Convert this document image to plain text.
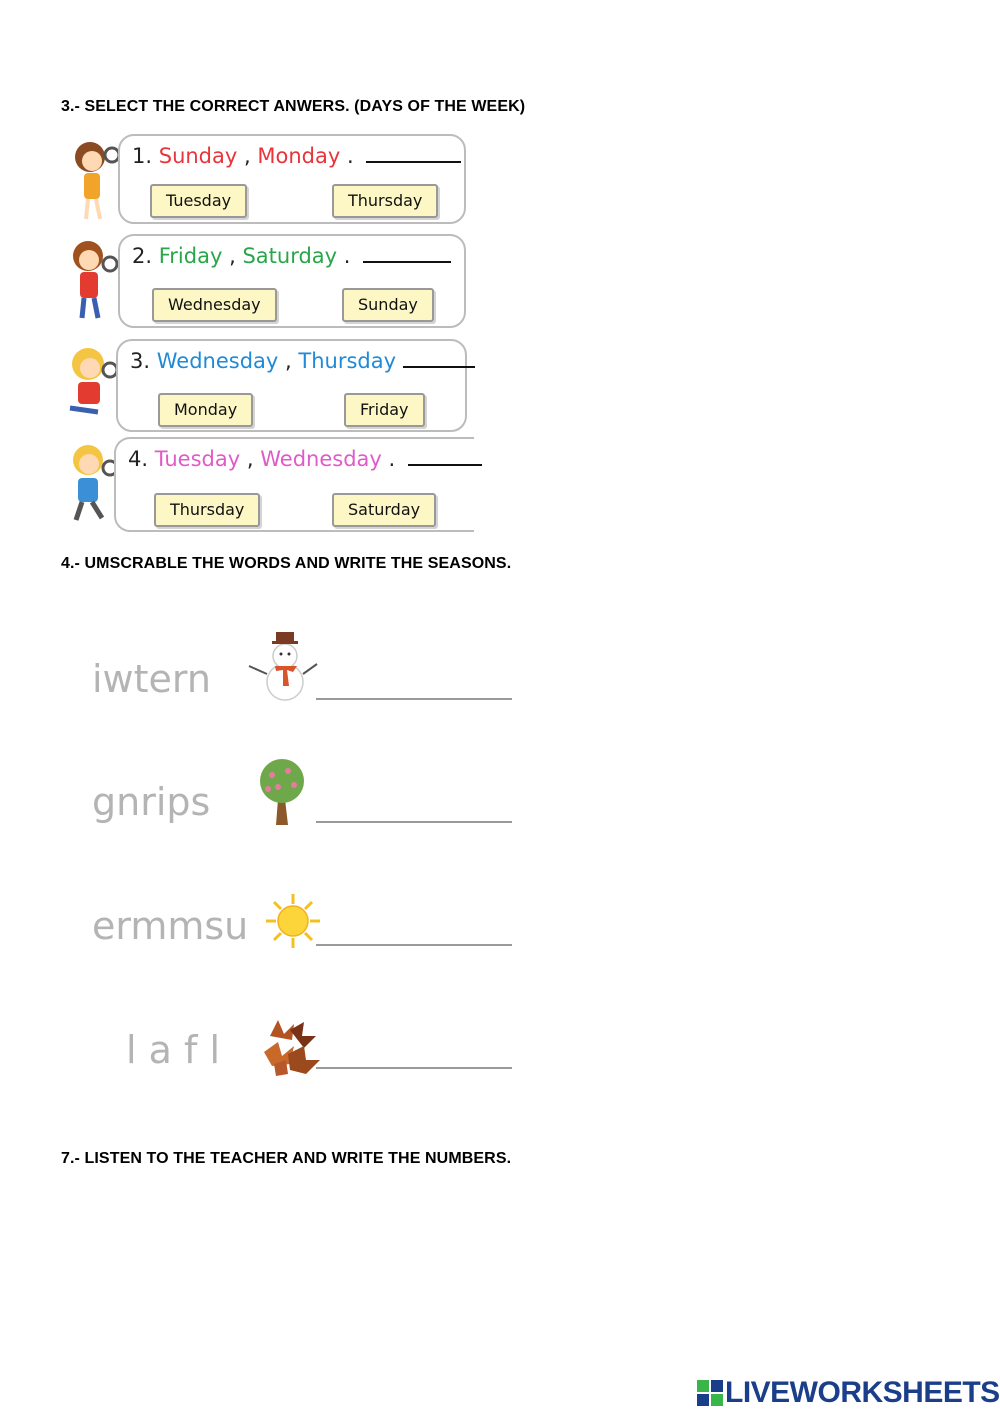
3.- SELECT THE CORRECT ANWERS. (DAYS OF THE WEEK)
1. Sunday , Monday .
Tuesday	Thursday
2. Friday , Saturday .
Wednesday	Sunday
3. Wednesday , Thursday
Monday	Friday
4. Tuesday , Wednesday .
Thursday	Saturday
4.- UMSCRABLE THE WORDS AND WRITE THE SEASONS.
iwtern
gnrips
ermmsu
l a f l
7.- LISTEN TO THE TEACHER AND WRITE THE NUMBERS.
LIVEWORKSHEETS
